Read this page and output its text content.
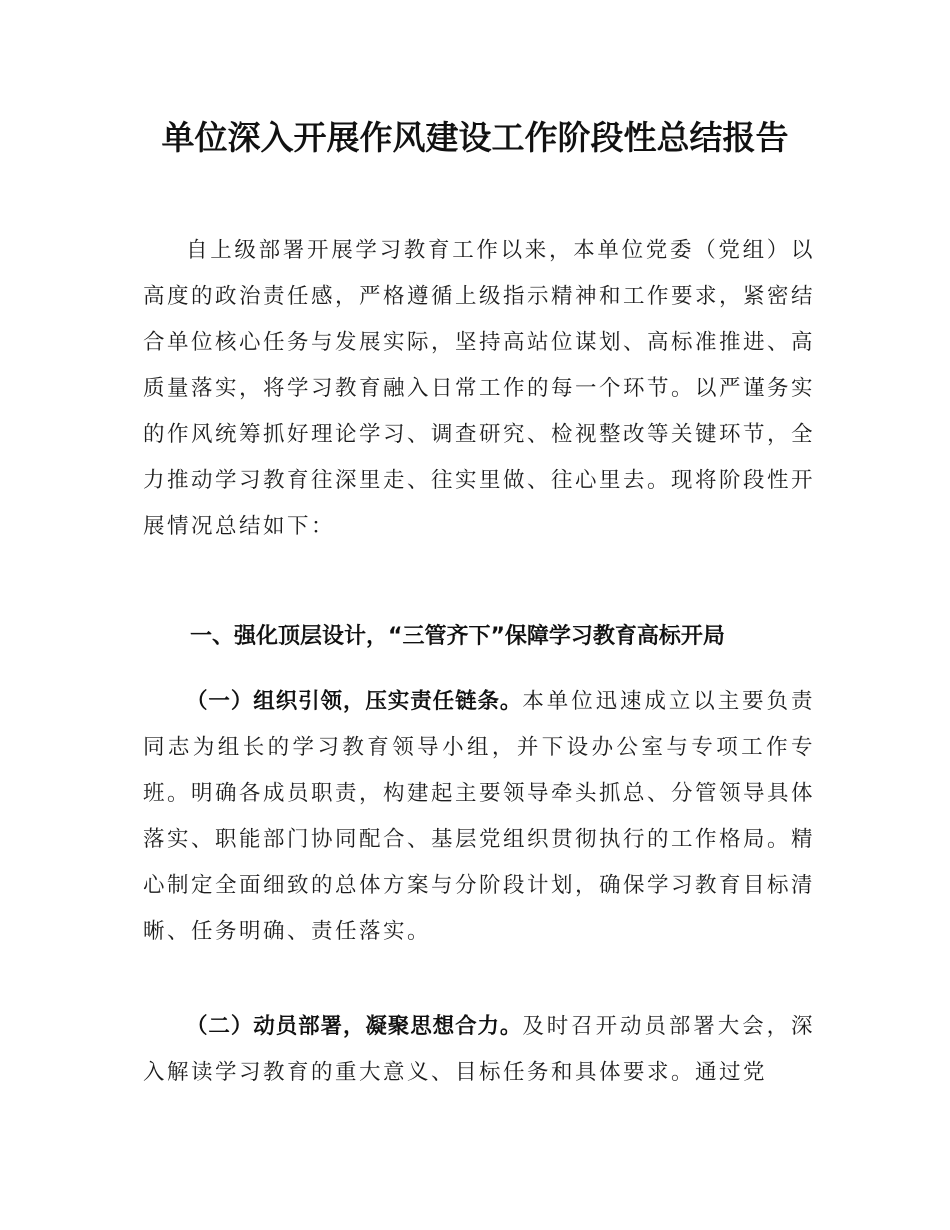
单位深入开展作风建设工作阶段性总结报告

自上级部署开展学习教育工作以来，本单位党委（党组）以高度的政治责任感，严格遵循上级指示精神和工作要求，紧密结合单位核心任务与发展实际，坚持高站位谋划、高标准推进、高质量落实，将学习教育融入日常工作的每一个环节。以严谨务实的作风统筹抓好理论学习、调查研究、检视整改等关键环节，全力推动学习教育往深里走、往实里做、往心里去。现将阶段性开展情况总结如下：

一、强化顶层设计，“三管齐下”保障学习教育高标开局

（一）组织引领，压实责任链条。本单位迅速成立以主要负责同志为组长的学习教育领导小组，并下设办公室与专项工作专班。明确各成员职责，构建起主要领导牵头抓总、分管领导具体落实、职能部门协同配合、基层党组织贯彻执行的工作格局。精心制定全面细致的总体方案与分阶段计划，确保学习教育目标清晰、任务明确、责任落实。

（二）动员部署，凝聚思想合力。及时召开动员部署大会，深入解读学习教育的重大意义、目标任务和具体要求。通过党
